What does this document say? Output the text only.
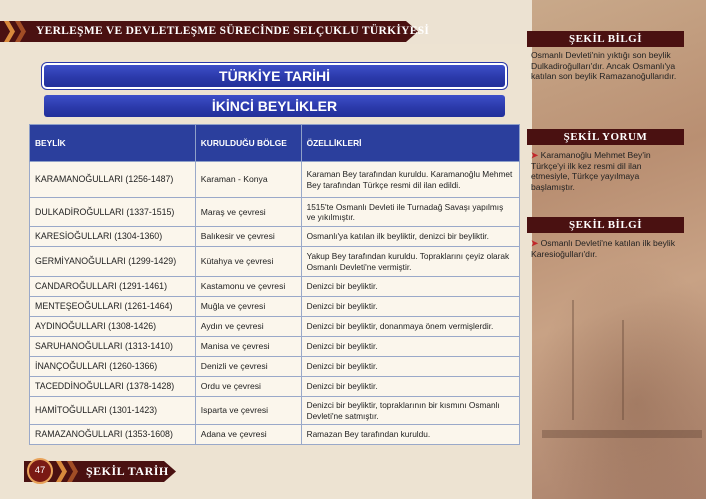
YERLEŞME VE DEVLETLEŞME SÜRECİNDE SELÇUKLU TÜRKİYESİ
TÜRKİYE TARİHİ
İKİNCİ BEYLİKLER
BEYLİK	KURULDUĞU BÖLGE	ÖZELLİKLERİ
KARAMANOĞULLARI (1256-1487)	Karaman - Konya	Karaman Bey tarafından kuruldu. Karamanoğlu Mehmet Bey tarafından Türkçe resmi dil ilan edildi.
DULKADİROĞULLARI (1337-1515)	Maraş ve çevresi	1515'te Osmanlı Devleti ile Turnadağ Savaşı yapılmış ve yıkılmıştır.
KARESİOĞULLARI (1304-1360)	Balıkesir ve çevresi	Osmanlı'ya katılan ilk beyliktir, denizci bir beyliktir.
GERMİYANOĞULLARI (1299-1429)	Kütahya ve çevresi	Yakup Bey tarafından kuruldu. Topraklarını çeyiz olarak Osmanlı Devleti'ne vermiştir.
CANDAROĞULLARI (1291-1461)	Kastamonu ve çevresi	Denizci bir beyliktir.
MENTEŞEOĞULLARI (1261-1464)	Muğla ve çevresi	Denizci bir beyliktir.
AYDINOĞULLARI (1308-1426)	Aydın ve çevresi	Denizci bir beyliktir, donanmaya önem vermişlerdir.
SARUHANOĞULLARI (1313-1410)	Manisa ve çevresi	Denizci bir beyliktir.
İNANÇOĞULLARI (1260-1366)	Denizli ve çevresi	Denizci bir beyliktir.
TACEDDİNOĞULLARI (1378-1428)	Ordu ve çevresi	Denizci bir beyliktir.
HAMİTOĞULLARI (1301-1423)	Isparta ve çevresi	Denizci bir beyliktir, topraklarının bir kısmını Osmanlı Devleti'ne satmıştır.
RAMAZANOĞULLARI (1353-1608)	Adana ve çevresi	Ramazan Bey tarafından kuruldu.
ŞEKİL BİLGİ
Osmanlı Devleti'nin yıktığı son beylik Dulkadiroğulları'dır. Ancak Osmanlı'ya katılan son beylik Ramazanoğullarıdır.
ŞEKİL YORUM
➤ Karamanoğlu Mehmet Bey'in Türkçe'yi ilk kez resmi dil ilan etmesiyle, Türkçe yayılmaya başlamıştır.
ŞEKİL BİLGİ
➤ Osmanlı Devleti'ne katılan ilk beylik Karesioğulları'dır.
47	ŞEKİL TARİH
